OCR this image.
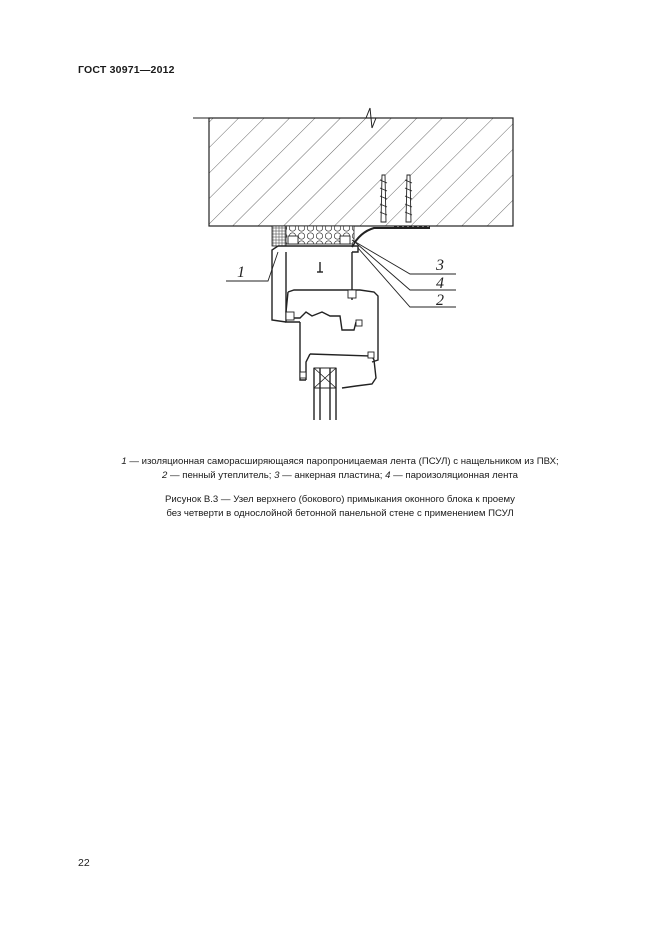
ГОСТ 30971—2012
1	3
4
2
1 — изоляционная саморасширяющаяся паропроницаемая лента (ПСУЛ) с нащельником из ПВХ;
2 — пенный утеплитель; 3 — анкерная пластина; 4 — пароизоляционная лента
Рисунок В.3 — Узел верхнего (бокового) примыкания оконного блока к проему
без четверти в однослойной бетонной панельной стене с применением ПСУЛ
22
